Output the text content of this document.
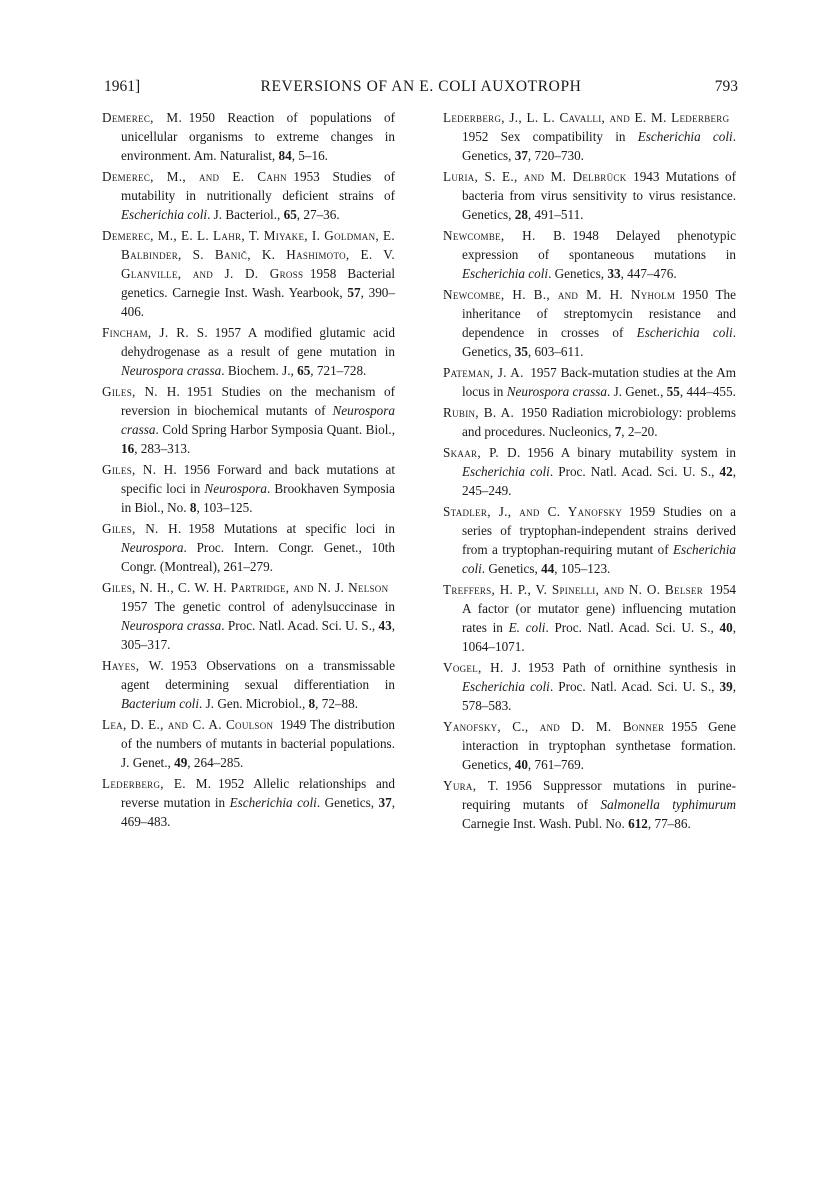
1961]	REVERSIONS OF AN E. COLI AUXOTROPH	793

Demerec, M.  1950 Reaction of populations of unicellular organisms to extreme changes in environment. Am. Naturalist, 84, 5–16.

Demerec, M., and E. Cahn  1953 Studies of mutability in nutritionally deficient strains of Escherichia coli. J. Bacteriol., 65, 27–36.

Demerec, M., E. L. Lahr, T. Miyake, I. Goldman, E. Balbinder, S. Banič, K. Hashimoto, E. V. Glanville, and J. D. Gross  1958 Bacterial genetics. Carnegie Inst. Wash. Yearbook, 57, 390–406.

Fincham, J. R. S.  1957 A modified glutamic acid dehydrogenase as a result of gene mutation in Neurospora crassa. Biochem. J., 65, 721–728.

Giles, N. H.  1951 Studies on the mechanism of reversion in biochemical mutants of Neurospora crassa. Cold Spring Harbor Symposia Quant. Biol., 16, 283–313.

Giles, N. H.  1956 Forward and back mutations at specific loci in Neurospora. Brookhaven Symposia in Biol., No. 8, 103–125.

Giles, N. H.  1958 Mutations at specific loci in Neurospora. Proc. Intern. Congr. Genet., 10th Congr. (Montreal), 261–279.

Giles, N. H., C. W. H. Partridge, and N. J. Nelson 1957 The genetic control of adenylsuccinase in Neurospora crassa. Proc. Natl. Acad. Sci. U. S., 43, 305–317.

Hayes, W.  1953 Observations on a transmissable agent determining sexual differentiation in Bacterium coli. J. Gen. Microbiol., 8, 72–88.

Lea, D. E., and C. A. Coulson  1949 The distribution of the numbers of mutants in bacterial populations. J. Genet., 49, 264–285.

Lederberg, E. M.  1952 Allelic relationships and reverse mutation in Escherichia coli. Genetics, 37, 469–483.

Lederberg, J., L. L. Cavalli, and E. M. Lederberg 1952 Sex compatibility in Escherichia coli. Genetics, 37, 720–730.

Luria, S. E., and M. Delbrück  1943 Mutations of bacteria from virus sensitivity to virus resistance. Genetics, 28, 491–511.

Newcombe, H. B.  1948 Delayed phenotypic expression of spontaneous mutations in Escherichia coli. Genetics, 33, 447–476.

Newcombe, H. B., and M. H. Nyholm  1950 The inheritance of streptomycin resistance and dependence in crosses of Escherichia coli. Genetics, 35, 603–611.

Pateman, J. A.  1957 Back-mutation studies at the Am locus in Neurospora crassa. J. Genet., 55, 444–455.

Rubin, B. A.  1950 Radiation microbiology: problems and procedures. Nucleonics, 7, 2–20.

Skaar, P. D.  1956 A binary mutability system in Escherichia coli. Proc. Natl. Acad. Sci. U. S., 42, 245–249.

Stadler, J., and C. Yanofsky  1959 Studies on a series of tryptophan-independent strains derived from a tryptophan-requiring mutant of Escherichia coli. Genetics, 44, 105–123.

Treffers, H. P., V. Spinelli, and N. O. Belser  1954 A factor (or mutator gene) influencing mutation rates in E. coli. Proc. Natl. Acad. Sci. U. S., 40, 1064–1071.

Vogel, H. J.  1953 Path of ornithine synthesis in Escherichia coli. Proc. Natl. Acad. Sci. U. S., 39, 578–583.

Yanofsky, C., and D. M. Bonner  1955 Gene interaction in tryptophan synthetase formation. Genetics, 40, 761–769.

Yura, T.  1956 Suppressor mutations in purine-requiring mutants of Salmonella typhimurum Carnegie Inst. Wash. Publ. No. 612, 77–86.
